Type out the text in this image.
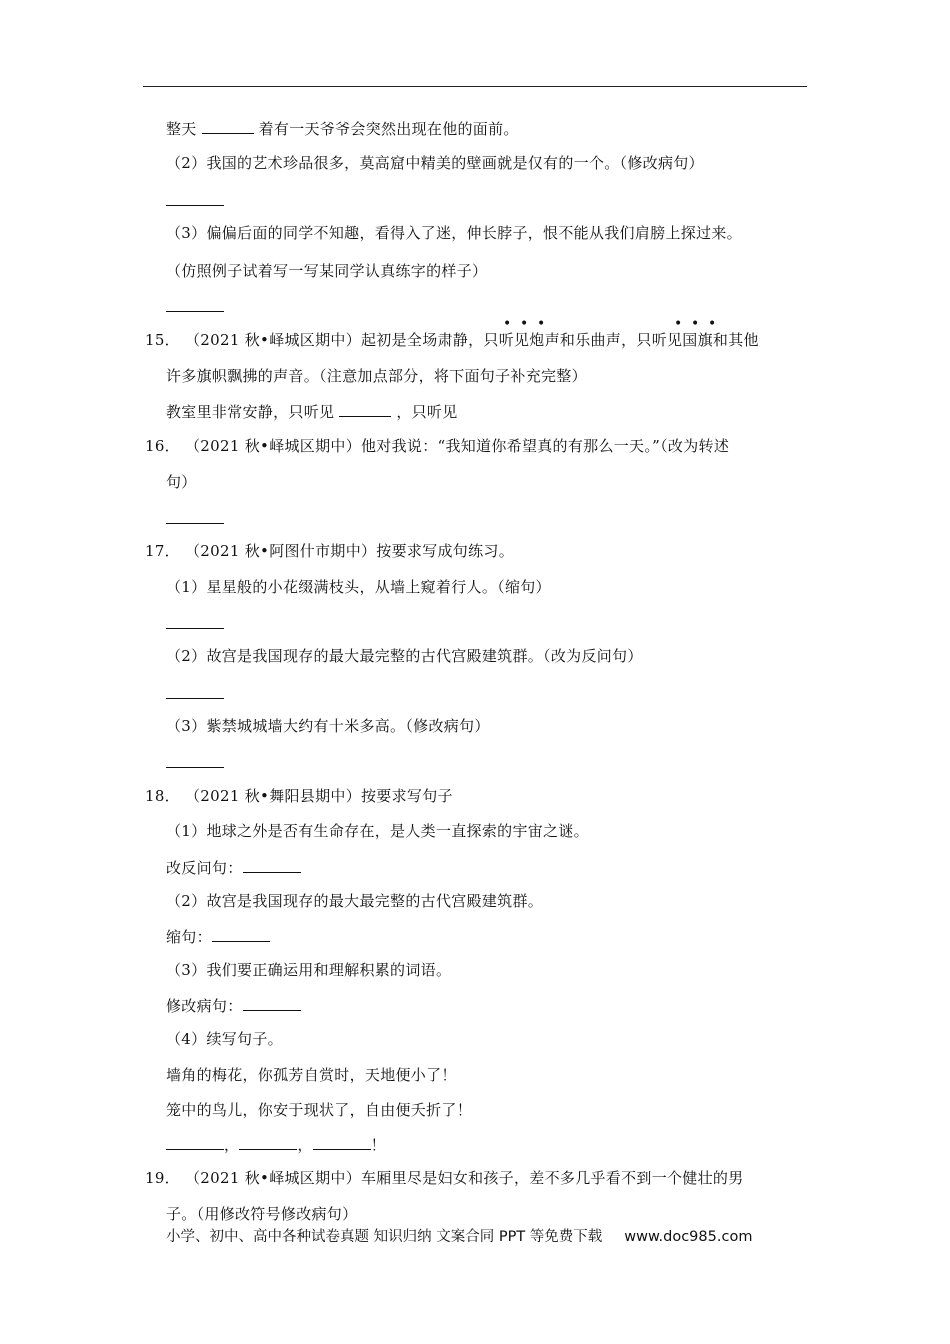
整天	着有一天爷爷会突然出现在他的面前。
（2）我国的艺术珍品很多，莫高窟中精美的壁画就是仅有的一个。（修改病句）
（3）偏偏后面的同学不知趣，看得入了迷，伸长脖子，恨不能从我们肩膀上探过来。
（仿照例子试着写一写某同学认真练字的样子）
• • •	• • •
15． （2021 秋•峄城区期中）起初是全场肃静，只听见炮声和乐曲声，只听见国旗和其他
许多旗帜飘拂的声音。（注意加点部分，将下面句子补充完整）
教室里非常安静，只听见	，只听见
16． （2021 秋•峄城区期中）他对我说：“我知道你希望真的有那么一天。”（改为转述
句）
17． （2021 秋•阿图什市期中）按要求写成句练习。
（1）星星般的小花缀满枝头，从墙上窥着行人。（缩句）
（2）故宫是我国现存的最大最完整的古代宫殿建筑群。（改为反问句）
（3）紫禁城城墙大约有十米多高。（修改病句）
18． （2021 秋•舞阳县期中）按要求写句子
（1）地球之外是否有生命存在，是人类一直探索的宇宙之谜。
改反问句：
（2）故宫是我国现存的最大最完整的古代宫殿建筑群。
缩句：
（3）我们要正确运用和理解积累的词语。
修改病句：
（4）续写句子。
墙角的梅花，你孤芳自赏时，天地便小了！
笼中的鸟儿，你安于现状了，自由便夭折了！
，	，	！
19． （2021 秋•峄城区期中）车厢里尽是妇女和孩子，差不多几乎看不到一个健壮的男
子。（用修改符号修改病句）
小学、初中、高中各种试卷真题 知识归纳 文案合同 PPT 等免费下载 www.doc985.com
